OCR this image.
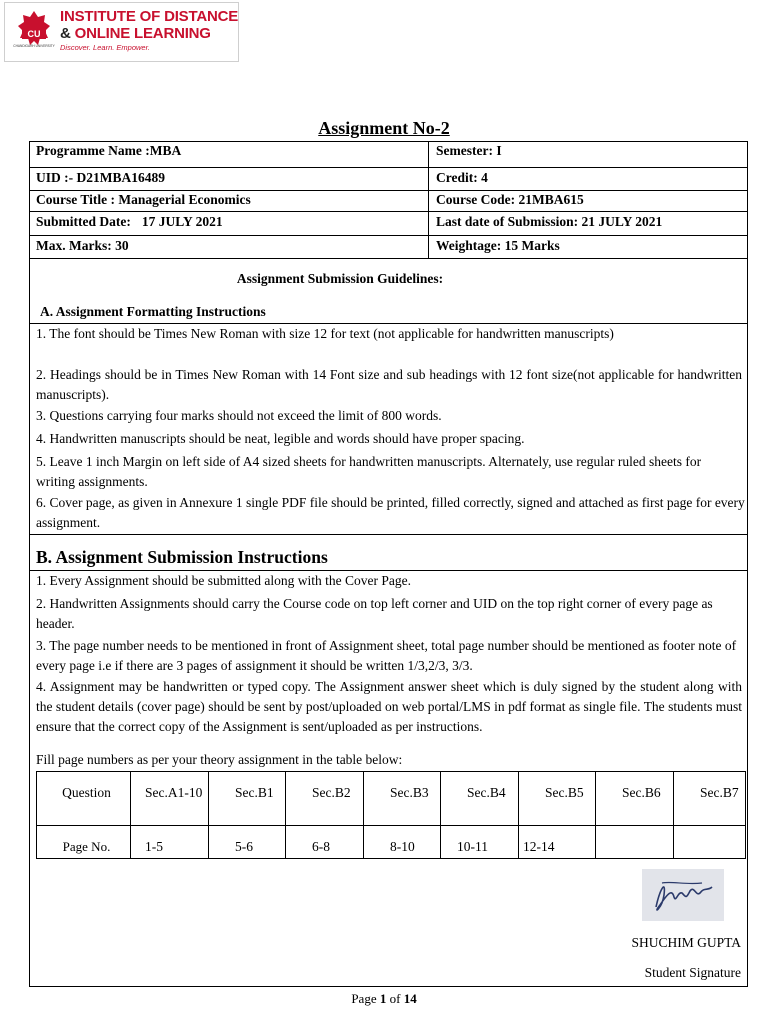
CU
CHANDIGARH UNIVERSITY
INSTITUTE OF DISTANCE
& ONLINE LEARNING
Discover. Learn. Empower.
Assignment No-2
Programme Name :MBA	Semester: I
UID :- D21MBA16489	Credit: 4
Course Title : Managerial Economics	Course Code: 21MBA615
Submitted Date: 17 JULY 2021	Last date of Submission: 21 JULY 2021
Max. Marks: 30	Weightage: 15 Marks
Assignment Submission Guidelines:
A. Assignment Formatting Instructions
1. The font should be Times New Roman with size 12 for text (not applicable for handwritten manuscripts)
2. Headings should be in Times New Roman with 14 Font size and sub headings with 12 font size(not applicable for handwritten manuscripts).
3. Questions carrying four marks should not exceed the limit of 800 words.
4. Handwritten manuscripts should be neat, legible and words should have proper spacing.
5. Leave 1 inch Margin on left side of A4 sized sheets for handwritten manuscripts. Alternately, use regular ruled sheets for writing assignments.
6. Cover page, as given in Annexure 1 single PDF file should be printed, filled correctly, signed and attached as first page for every assignment.
B. Assignment Submission Instructions
1. Every Assignment should be submitted along with the Cover Page.
2. Handwritten Assignments should carry the Course code on top left corner and UID on the top right corner of every page as header.
3. The page number needs to be mentioned in front of Assignment sheet, total page number should be mentioned as footer note of every page i.e if there are 3 pages of assignment it should be written 1/3,2/3, 3/3.
4. Assignment may be handwritten or typed copy. The Assignment answer sheet which is duly signed by the student along with the student details (cover page) should be sent by post/uploaded on web portal/LMS in pdf format as single file. The students must ensure that the correct copy of the Assignment is sent/uploaded as per instructions.
Fill page numbers as per your theory assignment in the table below:
Question	Sec.A1-10	Sec.B1	Sec.B2	Sec.B3	Sec.B4	Sec.B5	Sec.B6	Sec.B7
Page No.	1-5	5-6	6-8	8-10	10-11	12-14		
SHUCHIM GUPTA
Student Signature
Page 1 of 14
